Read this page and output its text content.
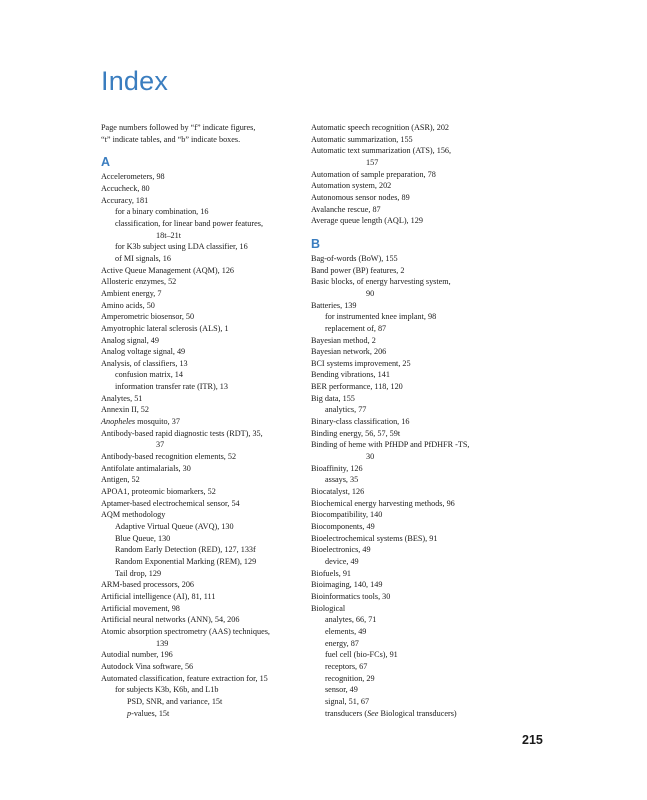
Index
Page numbers followed by “f” indicate figures,
“t” indicate tables, and “b” indicate boxes.
A
Accelerometers, 98
Accucheck, 80
Accuracy, 181
for a binary combination, 16
classification, for linear band power features,
18t–21t
for K3b subject using LDA classifier, 16
of MI signals, 16
Active Queue Management (AQM), 126
Allosteric enzymes, 52
Ambient energy, 7
Amino acids, 50
Amperometric biosensor, 50
Amyotrophic lateral sclerosis (ALS), 1
Analog signal, 49
Analog voltage signal, 49
Analysis, of classifiers, 13
confusion matrix, 14
information transfer rate (ITR), 13
Analytes, 51
Annexin II, 52
Anopheles mosquito, 37
Antibody-based rapid diagnostic tests (RDT), 35,
37
Antibody-based recognition elements, 52
Antifolate antimalarials, 30
Antigen, 52
APOA1, proteomic biomarkers, 52
Aptamer-based electrochemical sensor, 54
AQM methodology
Adaptive Virtual Queue (AVQ), 130
Blue Queue, 130
Random Early Detection (RED), 127, 133f
Random Exponential Marking (REM), 129
Tail drop, 129
ARM-based processors, 206
Artificial intelligence (AI), 81, 111
Artificial movement, 98
Artificial neural networks (ANN), 54, 206
Atomic absorption spectrometry (AAS) techniques,
139
Autodial number, 196
Autodock Vina software, 56
Automated classification, feature extraction for, 15
for subjects K3b, K6b, and L1b
PSD, SNR, and variance, 15t
p-values, 15t
Automatic speech recognition (ASR), 202
Automatic summarization, 155
Automatic text summarization (ATS), 156,
157
Automation of sample preparation, 78
Automation system, 202
Autonomous sensor nodes, 89
Avalanche rescue, 87
Average queue length (AQL), 129
B
Bag-of-words (BoW), 155
Band power (BP) features, 2
Basic blocks, of energy harvesting system,
90
Batteries, 139
for instrumented knee implant, 98
replacement of, 87
Bayesian method, 2
Bayesian network, 206
BCI systems improvement, 25
Bending vibrations, 141
BER performance, 118, 120
Big data, 155
analytics, 77
Binary-class classification, 16
Binding energy, 56, 57, 59t
Binding of heme with PfHDP and PfDHFR -TS,
30
Bioaffinity, 126
assays, 35
Biocatalyst, 126
Biochemical energy harvesting methods, 96
Biocompatibility, 140
Biocomponents, 49
Bioelectrochemical systems (BES), 91
Bioelectronics, 49
device, 49
Biofuels, 91
Bioimaging, 140, 149
Bioinformatics tools, 30
Biological
analytes, 66, 71
elements, 49
energy, 87
fuel cell (bio-FCs), 91
receptors, 67
recognition, 29
sensor, 49
signal, 51, 67
transducers (See Biological transducers)
215
